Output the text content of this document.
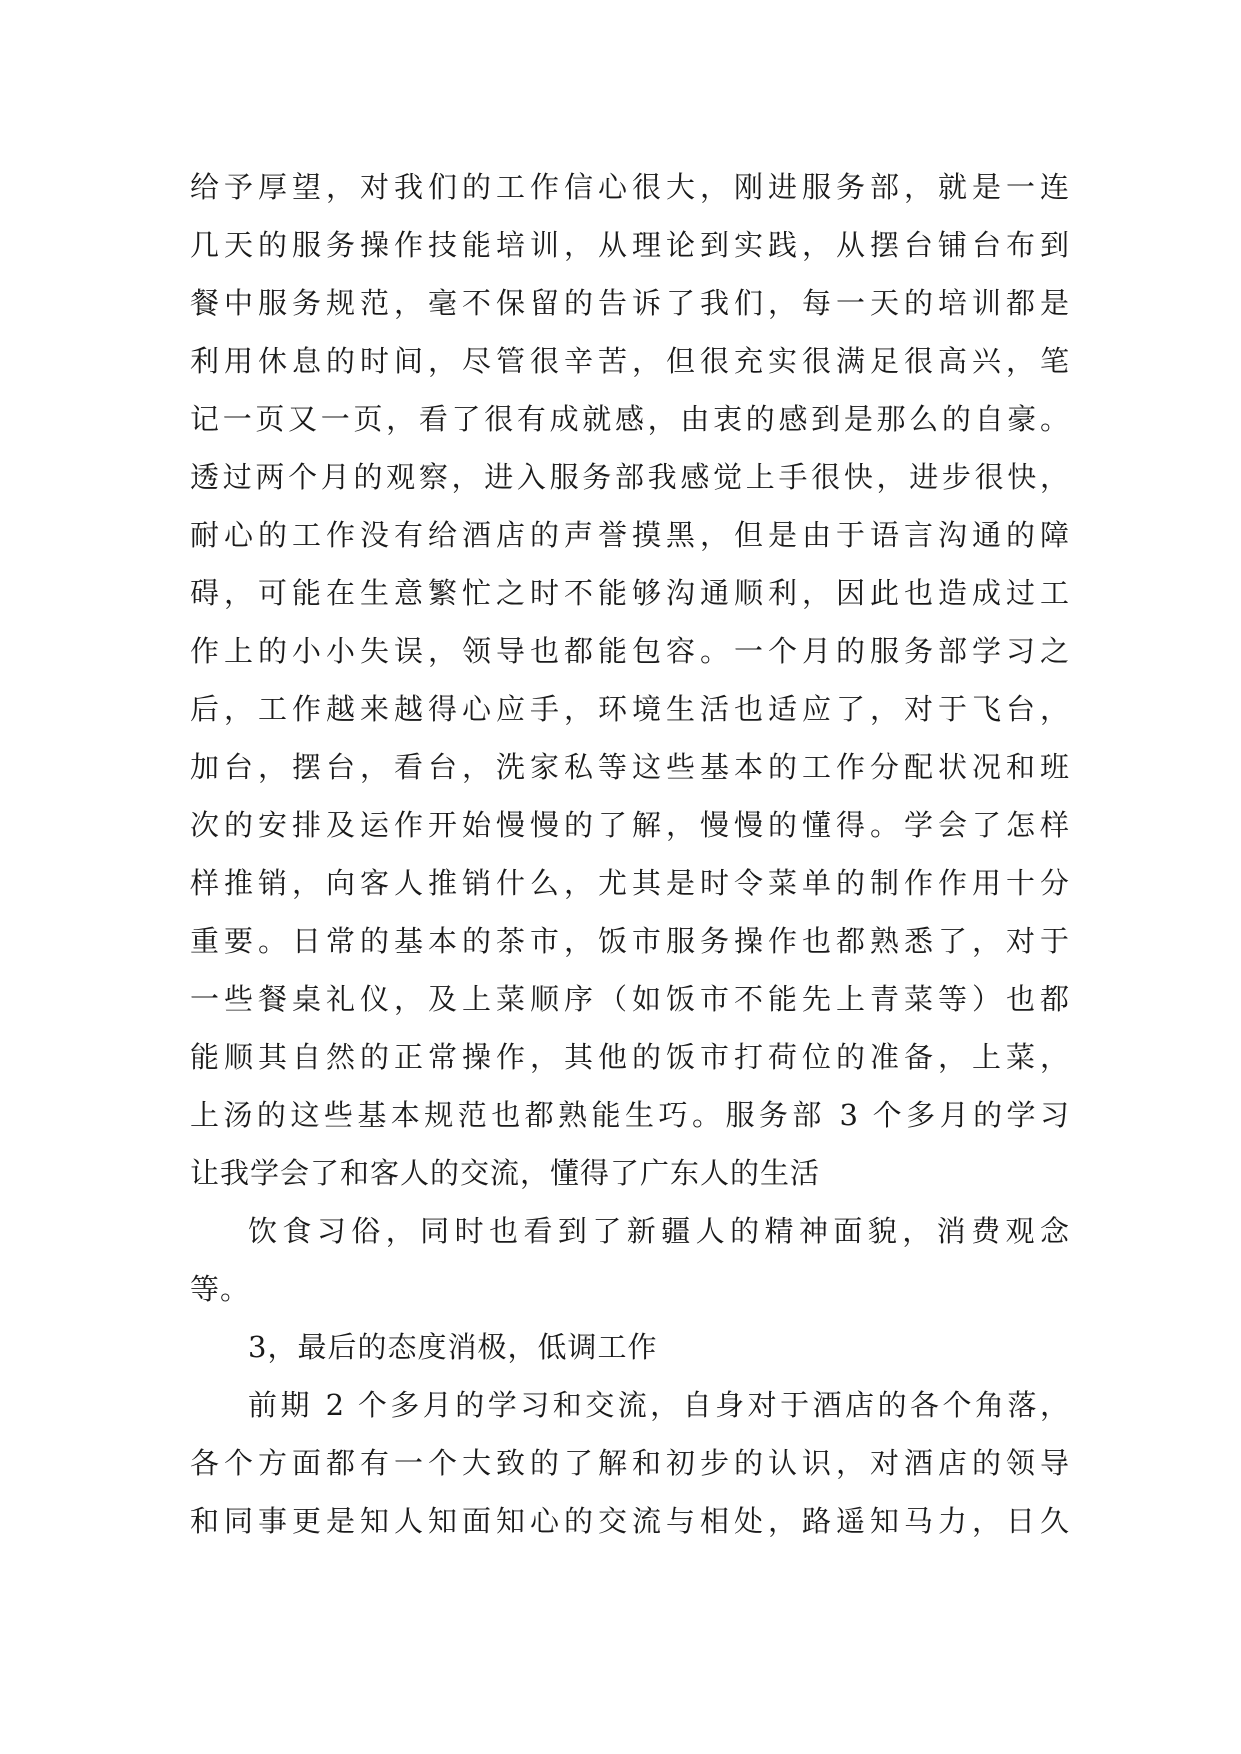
给予厚望，对我们的工作信心很大，刚进服务部，就是一连
几天的服务操作技能培训，从理论到实践，从摆台铺台布到
餐中服务规范，毫不保留的告诉了我们，每一天的培训都是
利用休息的时间，尽管很辛苦，但很充实很满足很高兴，笔
记一页又一页，看了很有成就感，由衷的感到是那么的自豪。
透过两个月的观察，进入服务部我感觉上手很快，进步很快，
耐心的工作没有给酒店的声誉摸黑，但是由于语言沟通的障
碍，可能在生意繁忙之时不能够沟通顺利，因此也造成过工
作上的小小失误，领导也都能包容。一个月的服务部学习之
后，工作越来越得心应手，环境生活也适应了，对于飞台，
加台，摆台，看台，洗家私等这些基本的工作分配状况和班
次的安排及运作开始慢慢的了解，慢慢的懂得。学会了怎样
样推销，向客人推销什么，尤其是时令菜单的制作作用十分
重要。日常的基本的茶市，饭市服务操作也都熟悉了，对于
一些餐桌礼仪，及上菜顺序（如饭市不能先上青菜等）也都
能顺其自然的正常操作，其他的饭市打荷位的准备，上菜，
上汤的这些基本规范也都熟能生巧。服务部 3 个多月的学习
让我学会了和客人的交流，懂得了广东人的生活
饮食习俗，同时也看到了新疆人的精神面貌，消费观念
等。
3，最后的态度消极，低调工作
前期 2 个多月的学习和交流，自身对于酒店的各个角落，
各个方面都有一个大致的了解和初步的认识，对酒店的领导
和同事更是知人知面知心的交流与相处，路遥知马力，日久
